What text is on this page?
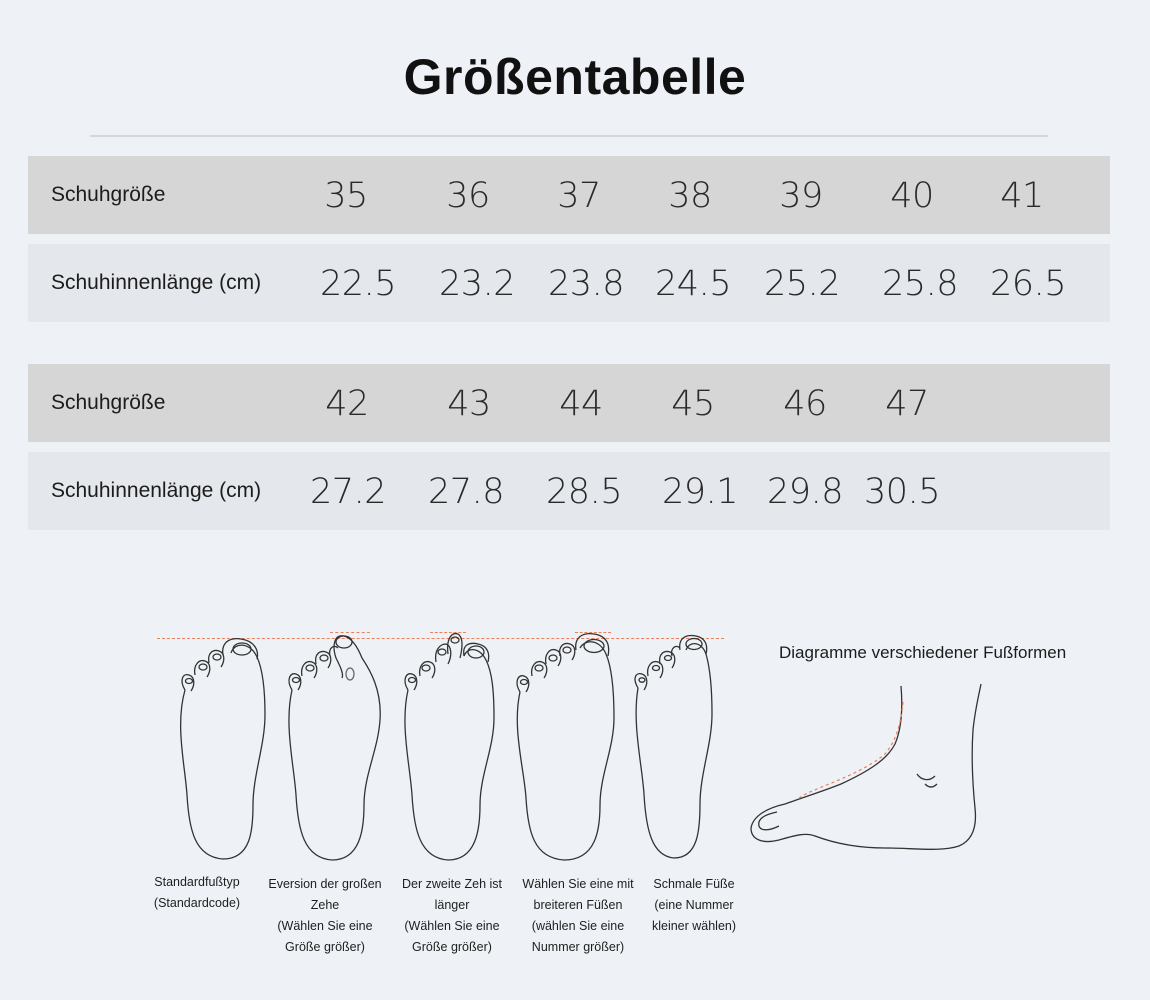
Größentabelle
Schuhgröße	35 36 37 38 39 40 41
Schuhinnenlänge (cm) 22.5 23.2 23.8 24.5 25.2 25.8 26.5
Schuhgröße	42 43 44 45 46 47
Schuhinnenlänge (cm) 27.2 27.8 28.5 29.1 29.8 30.5
Diagramme verschiedener Fußformen
Standardfußtyp
(Standardcode)
Eversion der großen
Zehe
(Wählen Sie eine
Größe größer)
Der zweite Zeh ist
länger
(Wählen Sie eine
Größe größer)
Wählen Sie eine mit
breiteren Füßen
(wählen Sie eine
Nummer größer)
Schmale Füße
(eine Nummer
kleiner wählen)
